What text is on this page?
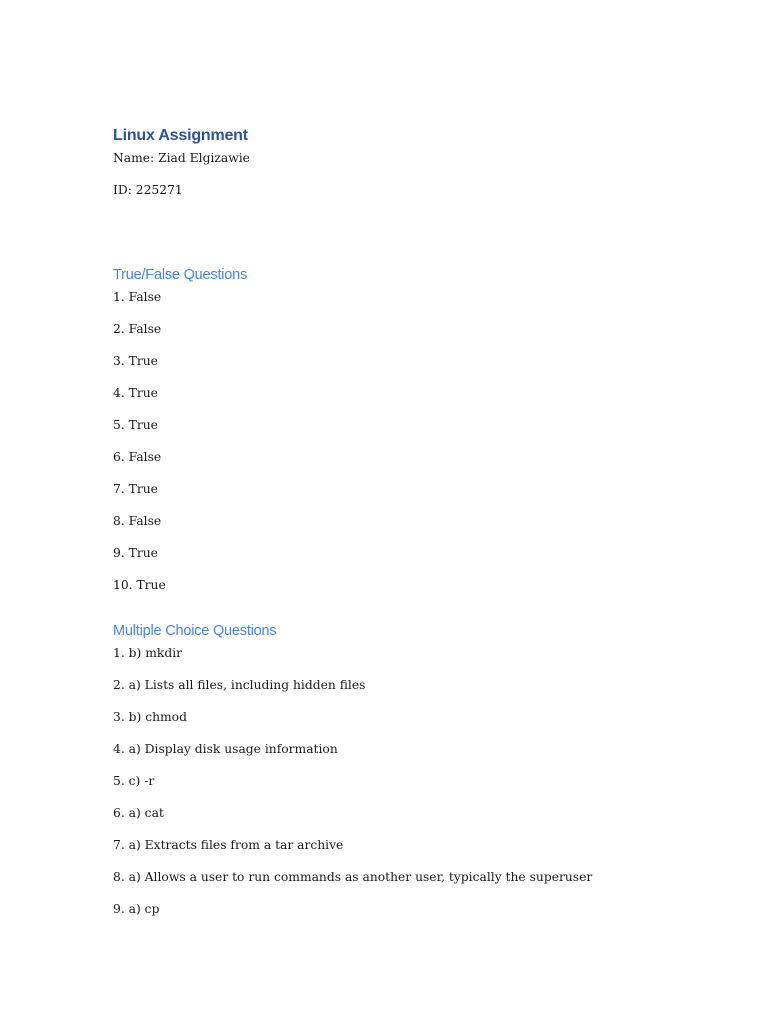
Linux Assignment
Name: Ziad Elgizawie
ID: 225271
True/False Questions
1. False
2. False
3. True
4. True
5. True
6. False
7. True
8. False
9. True
10. True
Multiple Choice Questions
1. b) mkdir
2. a) Lists all files, including hidden files
3. b) chmod
4. a) Display disk usage information
5. c) -r
6. a) cat
7. a) Extracts files from a tar archive
8. a) Allows a user to run commands as another user, typically the superuser
9. a) cp
